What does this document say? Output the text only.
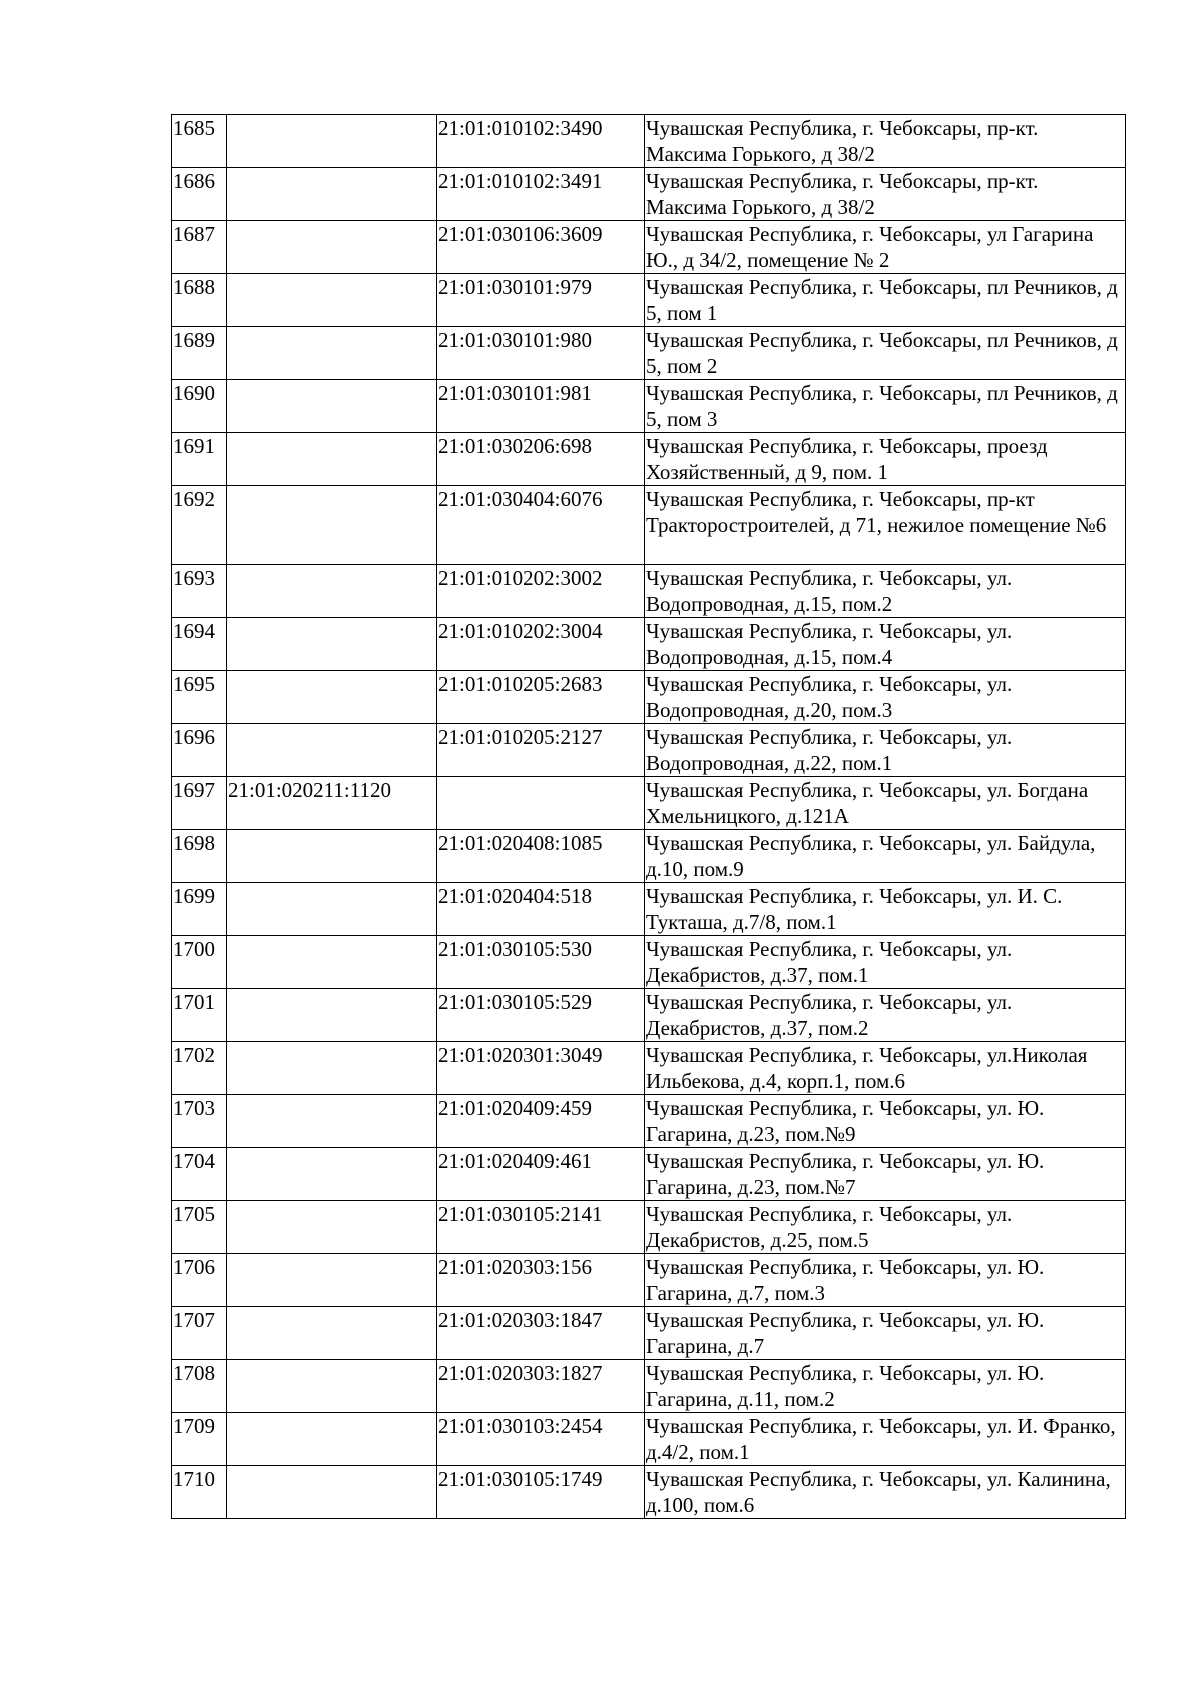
1685		21:01:010102:3490	Чувашская Республика, г. Чебоксары, пр-кт. Максима Горького, д 38/2
1686		21:01:010102:3491	Чувашская Республика, г. Чебоксары, пр-кт. Максима Горького, д 38/2
1687		21:01:030106:3609	Чувашская Республика, г. Чебоксары, ул Гагарина Ю., д 34/2, помещение № 2
1688		21:01:030101:979	Чувашская Республика, г. Чебоксары, пл Речников, д 5, пом 1
1689		21:01:030101:980	Чувашская Республика, г. Чебоксары, пл Речников, д 5, пом 2
1690		21:01:030101:981	Чувашская Республика, г. Чебоксары, пл Речников, д 5, пом 3
1691		21:01:030206:698	Чувашская Республика, г. Чебоксары, проезд Хозяйственный, д 9, пом. 1
1692		21:01:030404:6076	Чувашская Республика, г. Чебоксары, пр-кт Тракторостроителей, д 71, нежилое помещение №6
1693		21:01:010202:3002	Чувашская Республика, г. Чебоксары, ул. Водопроводная, д.15, пом.2
1694		21:01:010202:3004	Чувашская Республика, г. Чебоксары, ул. Водопроводная, д.15, пом.4
1695		21:01:010205:2683	Чувашская Республика, г. Чебоксары, ул. Водопроводная, д.20, пом.3
1696		21:01:010205:2127	Чувашская Республика, г. Чебоксары, ул. Водопроводная, д.22, пом.1
1697	21:01:020211:1120		Чувашская Республика, г. Чебоксары, ул. Богдана Хмельницкого, д.121А
1698		21:01:020408:1085	Чувашская Республика, г. Чебоксары, ул. Байдула, д.10, пом.9
1699		21:01:020404:518	Чувашская Республика, г. Чебоксары, ул. И. С. Тукташа, д.7/8, пом.1
1700		21:01:030105:530	Чувашская Республика, г. Чебоксары, ул. Декабристов, д.37, пом.1
1701		21:01:030105:529	Чувашская Республика, г. Чебоксары, ул. Декабристов, д.37, пом.2
1702		21:01:020301:3049	Чувашская Республика, г. Чебоксары, ул.Николая Ильбекова, д.4, корп.1, пом.6
1703		21:01:020409:459	Чувашская Республика, г. Чебоксары, ул. Ю. Гагарина, д.23, пом.№9
1704		21:01:020409:461	Чувашская Республика, г. Чебоксары, ул. Ю. Гагарина, д.23, пом.№7
1705		21:01:030105:2141	Чувашская Республика, г. Чебоксары, ул. Декабристов, д.25, пом.5
1706		21:01:020303:156	Чувашская Республика, г. Чебоксары, ул. Ю. Гагарина, д.7, пом.3
1707		21:01:020303:1847	Чувашская Республика, г. Чебоксары, ул. Ю. Гагарина, д.7
1708		21:01:020303:1827	Чувашская Республика, г. Чебоксары, ул. Ю. Гагарина, д.11, пом.2
1709		21:01:030103:2454	Чувашская Республика, г. Чебоксары, ул. И. Франко, д.4/2, пом.1
1710		21:01:030105:1749	Чувашская Республика, г. Чебоксары, ул. Калинина, д.100, пом.6
